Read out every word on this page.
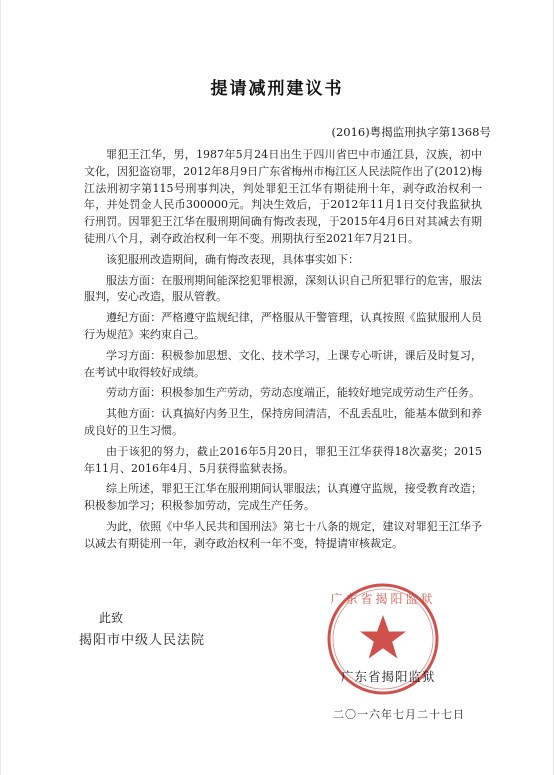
提请减刑建议书
(2016)粤揭监刑执字第1368号

罪犯王江华，男，1987年5月24日出生于四川省巴中市通江县，汉族，初中文化，因犯盗窃罪，2012年8月9日广东省梅州市梅江区人民法院作出了(2012)梅江法刑初字第115号刑事判决，判处罪犯王江华有期徒刑十年，剥夺政治权利一年，并处罚金人民币300000元。判决生效后，于2012年11月1日交付我监狱执行刑罚。因罪犯王江华在服刑期间确有悔改表现，于2015年4月6日对其减去有期徒刑八个月，剥夺政治权利一年不变。刑期执行至2021年7月21日。

该犯服刑改造期间，确有悔改表现，具体事实如下：

服法方面：在服刑期间能深挖犯罪根源，深刻认识自己所犯罪行的危害，服法服判，安心改造，服从管教。

遵纪方面：严格遵守监规纪律，严格服从干警管理，认真按照《监狱服刑人员行为规范》来约束自己。

学习方面：积极参加思想、文化、技术学习，上课专心听讲，课后及时复习，在考试中取得较好成绩。

劳动方面：积极参加生产劳动，劳动态度端正，能较好地完成劳动生产任务。

其他方面：认真搞好内务卫生，保持房间清洁，不乱丢乱吐，能基本做到和养成良好的卫生习惯。

由于该犯的努力，截止2016年5月20日，罪犯王江华获得18次嘉奖；2015年11月、2016年4月、5月获得监狱表扬。

综上所述，罪犯王江华在服刑期间认罪服法；认真遵守监规，接受教育改造；积极参加学习；积极参加劳动，完成生产任务。

为此，依照《中华人民共和国刑法》第七十八条的规定，建议对罪犯王江华予以减去有期徒刑一年，剥夺政治权利一年不变，特提请审核裁定。

此致
揭阳市中级人民法院
广东省揭阳监狱
广东省揭阳监狱
二〇一六年七月二十七日
